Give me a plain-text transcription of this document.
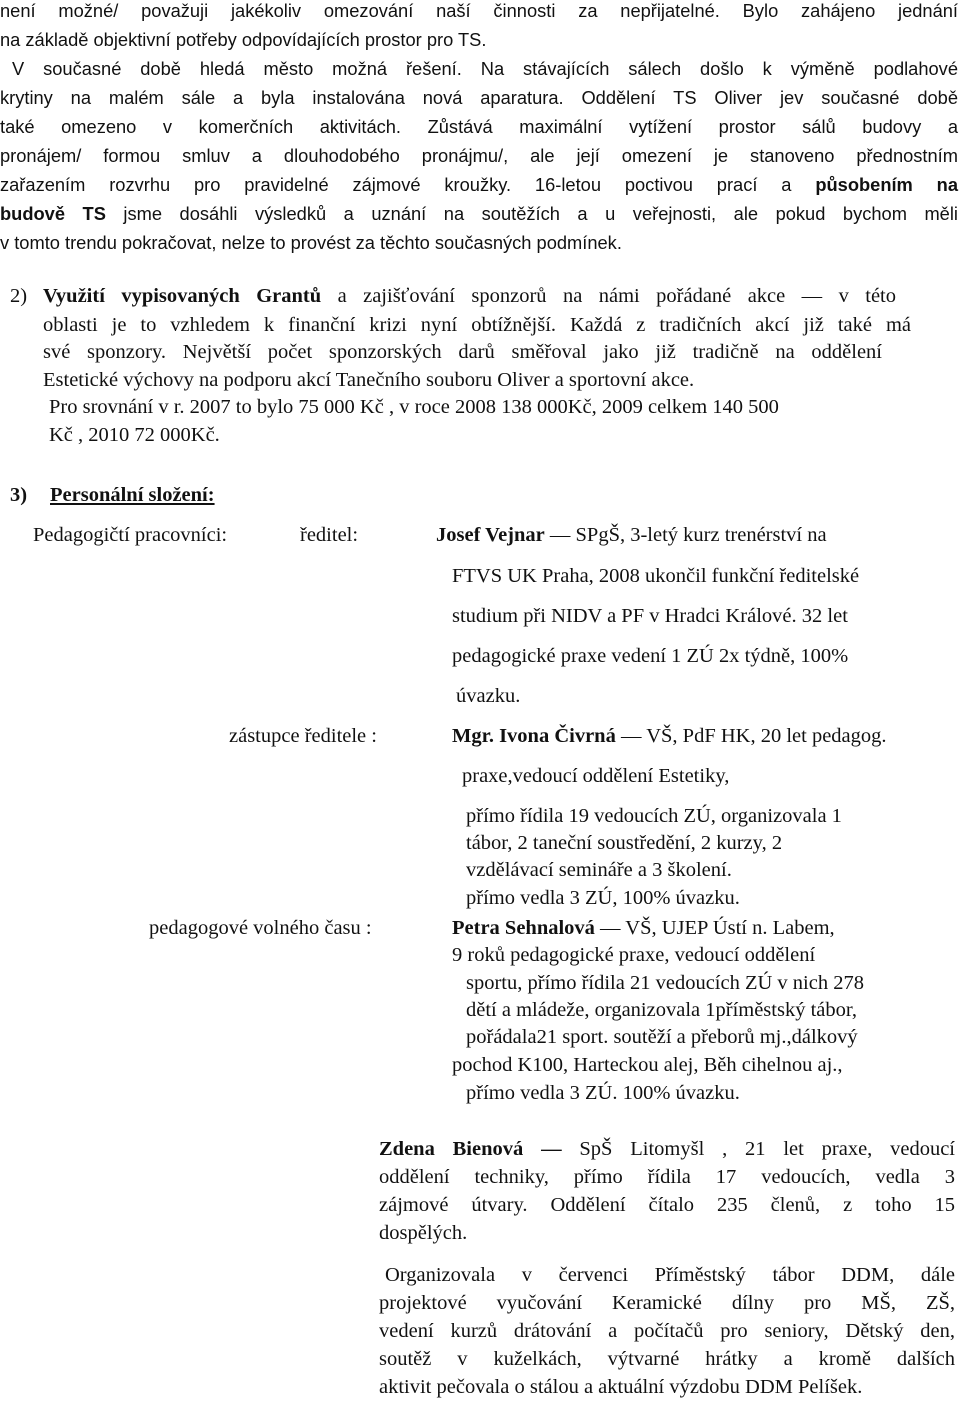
není možné/ považuji jakékoliv omezování naší činnosti za nepřijatelné. Bylo zahájeno jednání
na základě objektivní potřeby odpovídajících prostor pro TS.
V současné době hledá město možná řešení. Na stávajících sálech došlo k výměně podlahové
krytiny na malém sále a byla instalována nová aparatura. Oddělení TS Oliver jev současné době
také omezeno v komerčních aktivitách. Zůstává maximální vytížení prostor sálů budovy a
pronájem/ formou smluv a dlouhodobého pronájmu/, ale její omezení je stanoveno přednostním
zařazením rozvrhu pro pravidelné zájmové kroužky. 16-letou poctivou prací a působením na
budově TS jsme dosáhli výsledků a uznání na soutěžích a u veřejnosti, ale pokud bychom měli
v tomto trendu pokračovat, nelze to provést za těchto současných podmínek.
2) Využití vypisovaných Grantů a zajišťování sponzorů na námi pořádané akce — v této
oblasti je to vzhledem k finanční krizi nyní obtížnější. Každá z tradičních akcí již také má
své sponzory. Největší počet sponzorských darů směřoval jako již tradičně na oddělení
Estetické výchovy na podporu akcí Tanečního souboru Oliver a sportovní akce.
Pro srovnání v r. 2007 to bylo 75 000 Kč , v roce 2008 138 000Kč, 2009 celkem 140 500
Kč , 2010 72 000Kč.
3) Personální složení:
Pedagogičtí pracovníci:	ředitel:	Josef Vejnar — SPgŠ, 3-letý kurz trenérství na
FTVS UK Praha, 2008 ukončil funkční ředitelské
studium při NIDV a PF v Hradci Králové. 32 let
pedagogické praxe vedení 1 ZÚ 2x týdně, 100%
úvazku.
zástupce ředitele :	Mgr. Ivona Čivrná — VŠ, PdF HK, 20 let pedagog.
praxe,vedoucí oddělení Estetiky,
přímo řídila 19 vedoucích ZÚ, organizovala 1
tábor, 2 taneční soustředění, 2 kurzy, 2
vzdělávací semináře a 3 školení.
přímo vedla 3 ZÚ, 100% úvazku.
pedagogové volného času :	Petra Sehnalová — VŠ, UJEP Ústí n. Labem,
9 roků pedagogické praxe, vedoucí oddělení
sportu, přímo řídila 21 vedoucích ZÚ v nich 278
dětí a mládeže, organizovala 1příměstský tábor,
pořádala21 sport. soutěží a přeborů mj.,dálkový
pochod K100, Harteckou alej, Běh cihelnou aj.,
přímo vedla 3 ZÚ. 100% úvazku.
Zdena Bienová — SpŠ Litomyšl , 21 let praxe, vedoucí
oddělení techniky, přímo řídila 17 vedoucích, vedla 3
zájmové útvary. Oddělení čítalo 235 členů, z toho 15
dospělých.
Organizovala v červenci Příměstský tábor DDM, dále
projektové vyučování Keramické dílny pro MŠ, ZŠ,
vedení kurzů drátování a počítačů pro seniory, Dětský den,
soutěž v kuželkách, výtvarné hrátky a kromě dalších
aktivit pečovala o stálou a aktuální výzdobu DDM Pelíšek.
